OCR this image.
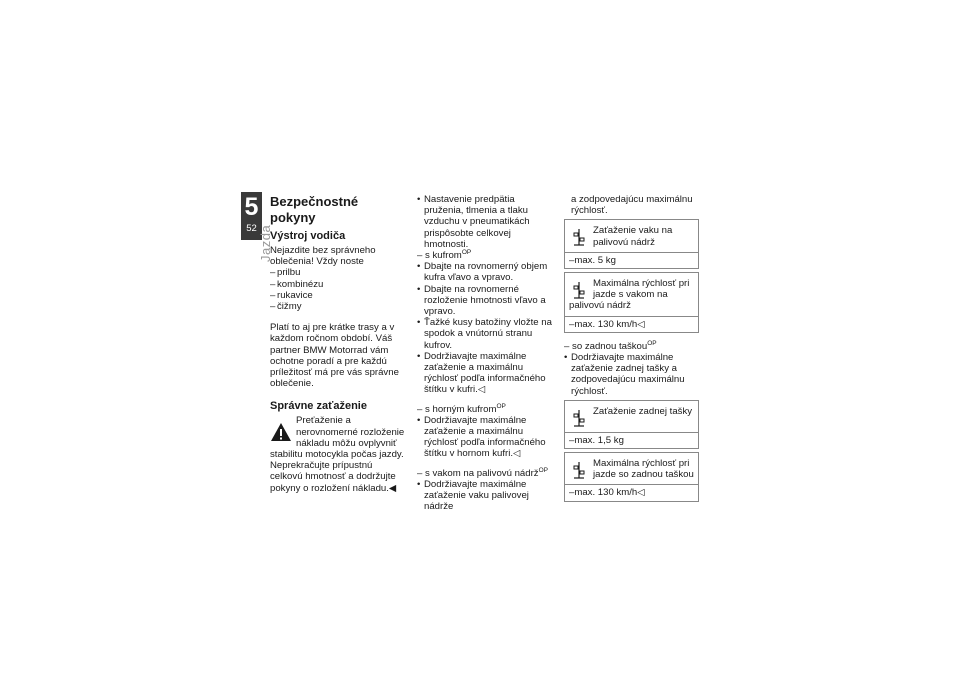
5
52 Jazda
Bezpečnostné pokyny
Výstroj vodiča

Nejazdite bez správneho oblečenia! Vždy noste

– prilbu
– kombinézu
– rukavice
– čižmy

Platí to aj pre krátke trasy a v každom ročnom období. Váš partner BMW Motorrad vám ochotne poradí a pre každú príležitosť má pre vás správne oblečenie.

Správne zaťaženie

Preťaženie a nerovnomerné rozloženie nákladu môžu ovplyvniť stabilitu motocykla počas jazdy.

Neprekračujte prípustnú celkovú hmotnosť a dodržujte pokyny o rozložení nákladu.◀

• Nastavenie predpätia pruženia, tlmenia a tlaku vzduchu v pneumatikách prispôsobte celkovej hmotnosti.

– s kufrom$^{OP}$

• Dbajte na rovnomerný objem kufra vľavo a vpravo.
• Dbajte na rovnomerné rozloženie hmotnosti vľavo a vpravo.
• Ťažké kusy batožiny vložte na spodok a vnútornú stranu kufrov.
• Dodržiavajte maximálne zaťaženie a maximálnu rýchlosť podľa informačného štítku v kufri.◁

– s horným kufrom$^{OP}$

• Dodržiavajte maximálne zaťaženie a maximálnu rýchlosť podľa informačného štítku v hornom kufri.◁

– s vakom na palivovú nádrž$^{OP}$

• Dodržiavajte maximálne zaťaženie vaku palivovej nádrže

a zodpovedajúcu maximálnu rýchlosť.

Zaťaženie vaku na palivovú nádrž
– max. 5 kg
Maximálna rýchlosť pri jazde s vakom na palivovú nádrž
– max. 130 km/h◁

– so zadnou taškou$^{OP}$

• Dodržiavajte maximálne zaťaženie zadnej tašky a zodpovedajúcu maximálnu rýchlosť.
Zaťaženie zadnej tašky
– max. 1,5 kg
Maximálna rýchlosť pri jazde so zadnou taškou
– max. 130 km/h◁
